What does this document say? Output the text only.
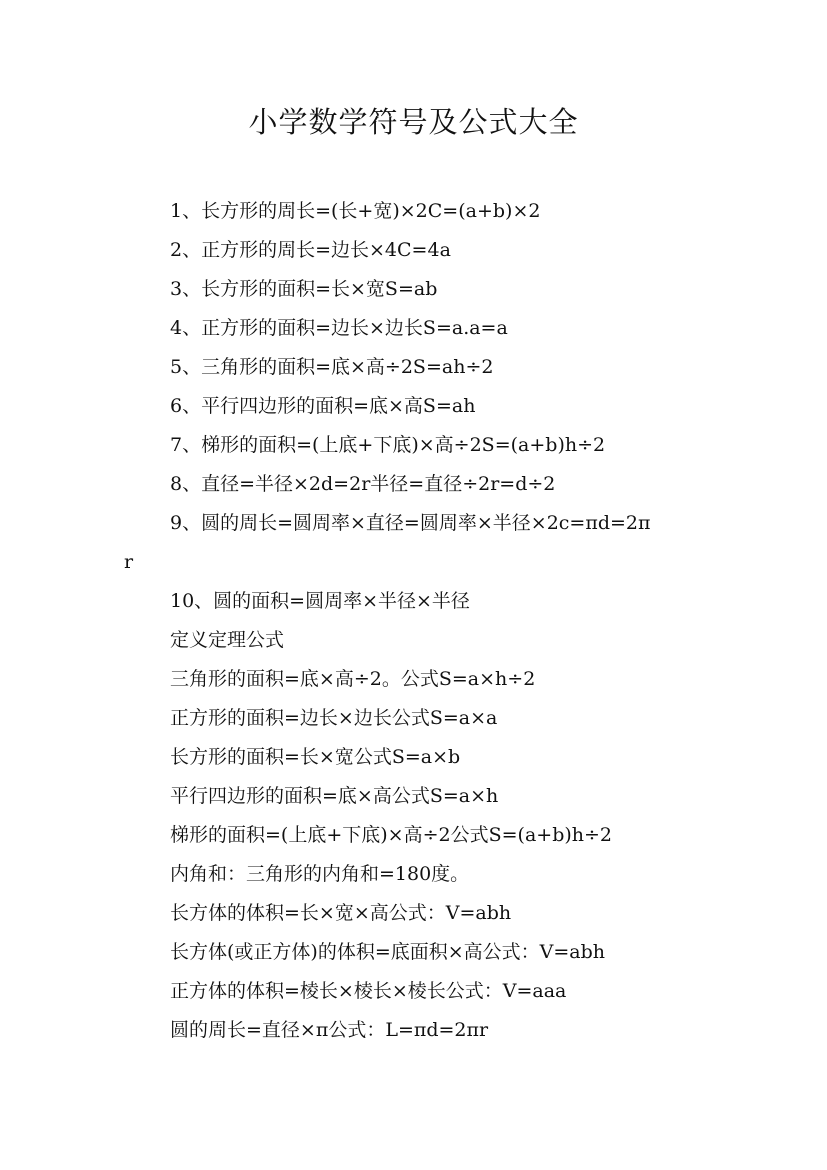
小学数学符号及公式大全
1、长方形的周长=(长+宽)×2C=(a+b)×2
2、正方形的周长=边长×4C=4a
3、长方形的面积=长×宽S=ab
4、正方形的面积=边长×边长S=a.a=a
5、三角形的面积=底×高÷2S=ah÷2
6、平行四边形的面积=底×高S=ah
7、梯形的面积=(上底+下底)×高÷2S=(a+b)h÷2
8、直径=半径×2d=2r半径=直径÷2r=d÷2
9、圆的周长=圆周率×直径=圆周率×半径×2c=πd=2π
r
10、圆的面积=圆周率×半径×半径
定义定理公式
三角形的面积=底×高÷2。公式S=a×h÷2
正方形的面积=边长×边长公式S=a×a
长方形的面积=长×宽公式S=a×b
平行四边形的面积=底×高公式S=a×h
梯形的面积=(上底+下底)×高÷2公式S=(a+b)h÷2
内角和：三角形的内角和=180度。
长方体的体积=长×宽×高公式：V=abh
长方体(或正方体)的体积=底面积×高公式：V=abh
正方体的体积=棱长×棱长×棱长公式：V=aaa
圆的周长=直径×π公式：L=πd=2πr
